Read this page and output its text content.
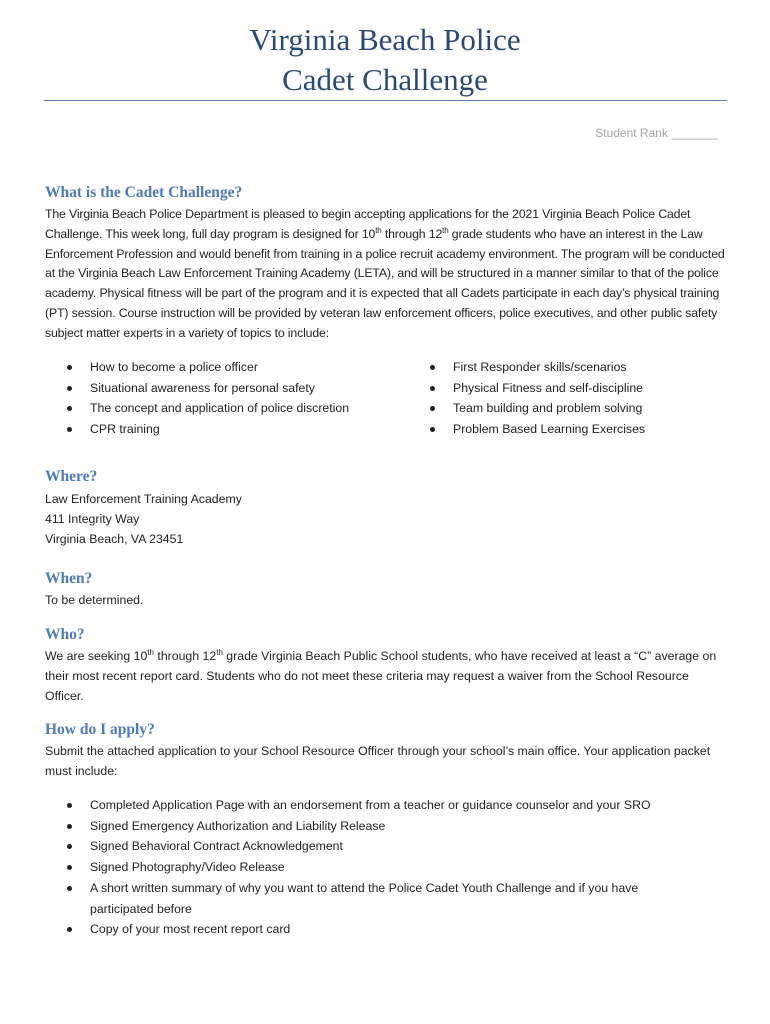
Virginia Beach Police
Cadet Challenge
Student Rank _______
What is the Cadet Challenge?

The Virginia Beach Police Department is pleased to begin accepting applications for the 2021 Virginia Beach Police Cadet Challenge. This week long, full day program is designed for 10th through 12th grade students who have an interest in the Law Enforcement Profession and would benefit from training in a police recruit academy environment. The program will be conducted at the Virginia Beach Law Enforcement Training Academy (LETA), and will be structured in a manner similar to that of the police academy. Physical fitness will be part of the program and it is expected that all Cadets participate in each day’s physical training (PT) session. Course instruction will be provided by veteran law enforcement officers, police executives, and other public safety subject matter experts in a variety of topics to include:

How to become a police officer
Situational awareness for personal safety
The concept and application of police discretion
CPR training
First Responder skills/scenarios
Physical Fitness and self-discipline
Team building and problem solving
Problem Based Learning Exercises
Where?
Law Enforcement Training Academy
411 Integrity Way
Virginia Beach, VA 23451
When?

To be determined.

Who?

We are seeking 10th through 12th grade Virginia Beach Public School students, who have received at least a “C” average on their most recent report card. Students who do not meet these criteria may request a waiver from the School Resource Officer.

How do I apply?

Submit the attached application to your School Resource Officer through your school’s main office. Your application packet must include:

Completed Application Page with an endorsement from a teacher or guidance counselor and your SRO
Signed Emergency Authorization and Liability Release
Signed Behavioral Contract Acknowledgement
Signed Photography/Video Release
A short written summary of why you want to attend the Police Cadet Youth Challenge and if you have participated before
Copy of your most recent report card
